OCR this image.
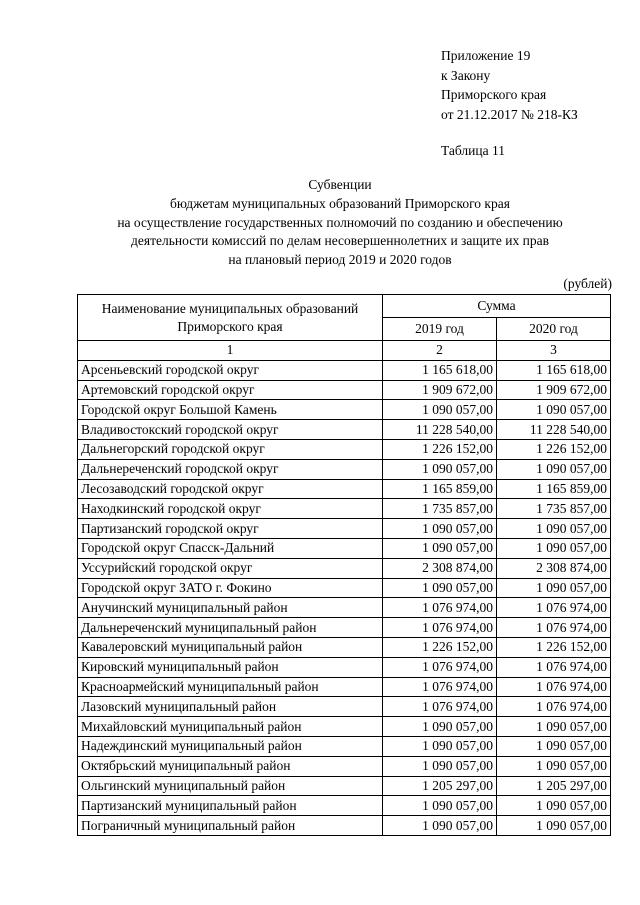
Приложение 19
к Закону
Приморского края
от 21.12.2017 № 218-КЗ
Таблица 11
Субвенции
бюджетам муниципальных образований Приморского края
на осуществление государственных полномочий по созданию и обеспечению
деятельности комиссий по делам несовершеннолетних и защите их прав
на плановый период 2019 и 2020 годов
(рублей)
Наименование муниципальных образований Приморского края	Сумма	
	2019 год	2020 год
1	2	3
Арсеньевский городской округ	1 165 618,00	1 165 618,00
Артемовский городской округ	1 909 672,00	1 909 672,00
Городской округ Большой Камень	1 090 057,00	1 090 057,00
Владивостокский городской округ	11 228 540,00	11 228 540,00
Дальнегорский городской округ	1 226 152,00	1 226 152,00
Дальнереченский городской округ	1 090 057,00	1 090 057,00
Лесозаводский городской округ	1 165 859,00	1 165 859,00
Находкинский городской округ	1 735 857,00	1 735 857,00
Партизанский городской округ	1 090 057,00	1 090 057,00
Городской округ Спасск-Дальний	1 090 057,00	1 090 057,00
Уссурийский городской округ	2 308 874,00	2 308 874,00
Городской округ ЗАТО г. Фокино	1 090 057,00	1 090 057,00
Анучинский муниципальный район	1 076 974,00	1 076 974,00
Дальнереченский муниципальный район	1 076 974,00	1 076 974,00
Кавалеровский муниципальный район	1 226 152,00	1 226 152,00
Кировский муниципальный район	1 076 974,00	1 076 974,00
Красноармейский муниципальный район	1 076 974,00	1 076 974,00
Лазовский муниципальный район	1 076 974,00	1 076 974,00
Михайловский муниципальный район	1 090 057,00	1 090 057,00
Надеждинский муниципальный район	1 090 057,00	1 090 057,00
Октябрьский муниципальный район	1 090 057,00	1 090 057,00
Ольгинский муниципальный район	1 205 297,00	1 205 297,00
Партизанский муниципальный район	1 090 057,00	1 090 057,00
Пограничный муниципальный район	1 090 057,00	1 090 057,00
